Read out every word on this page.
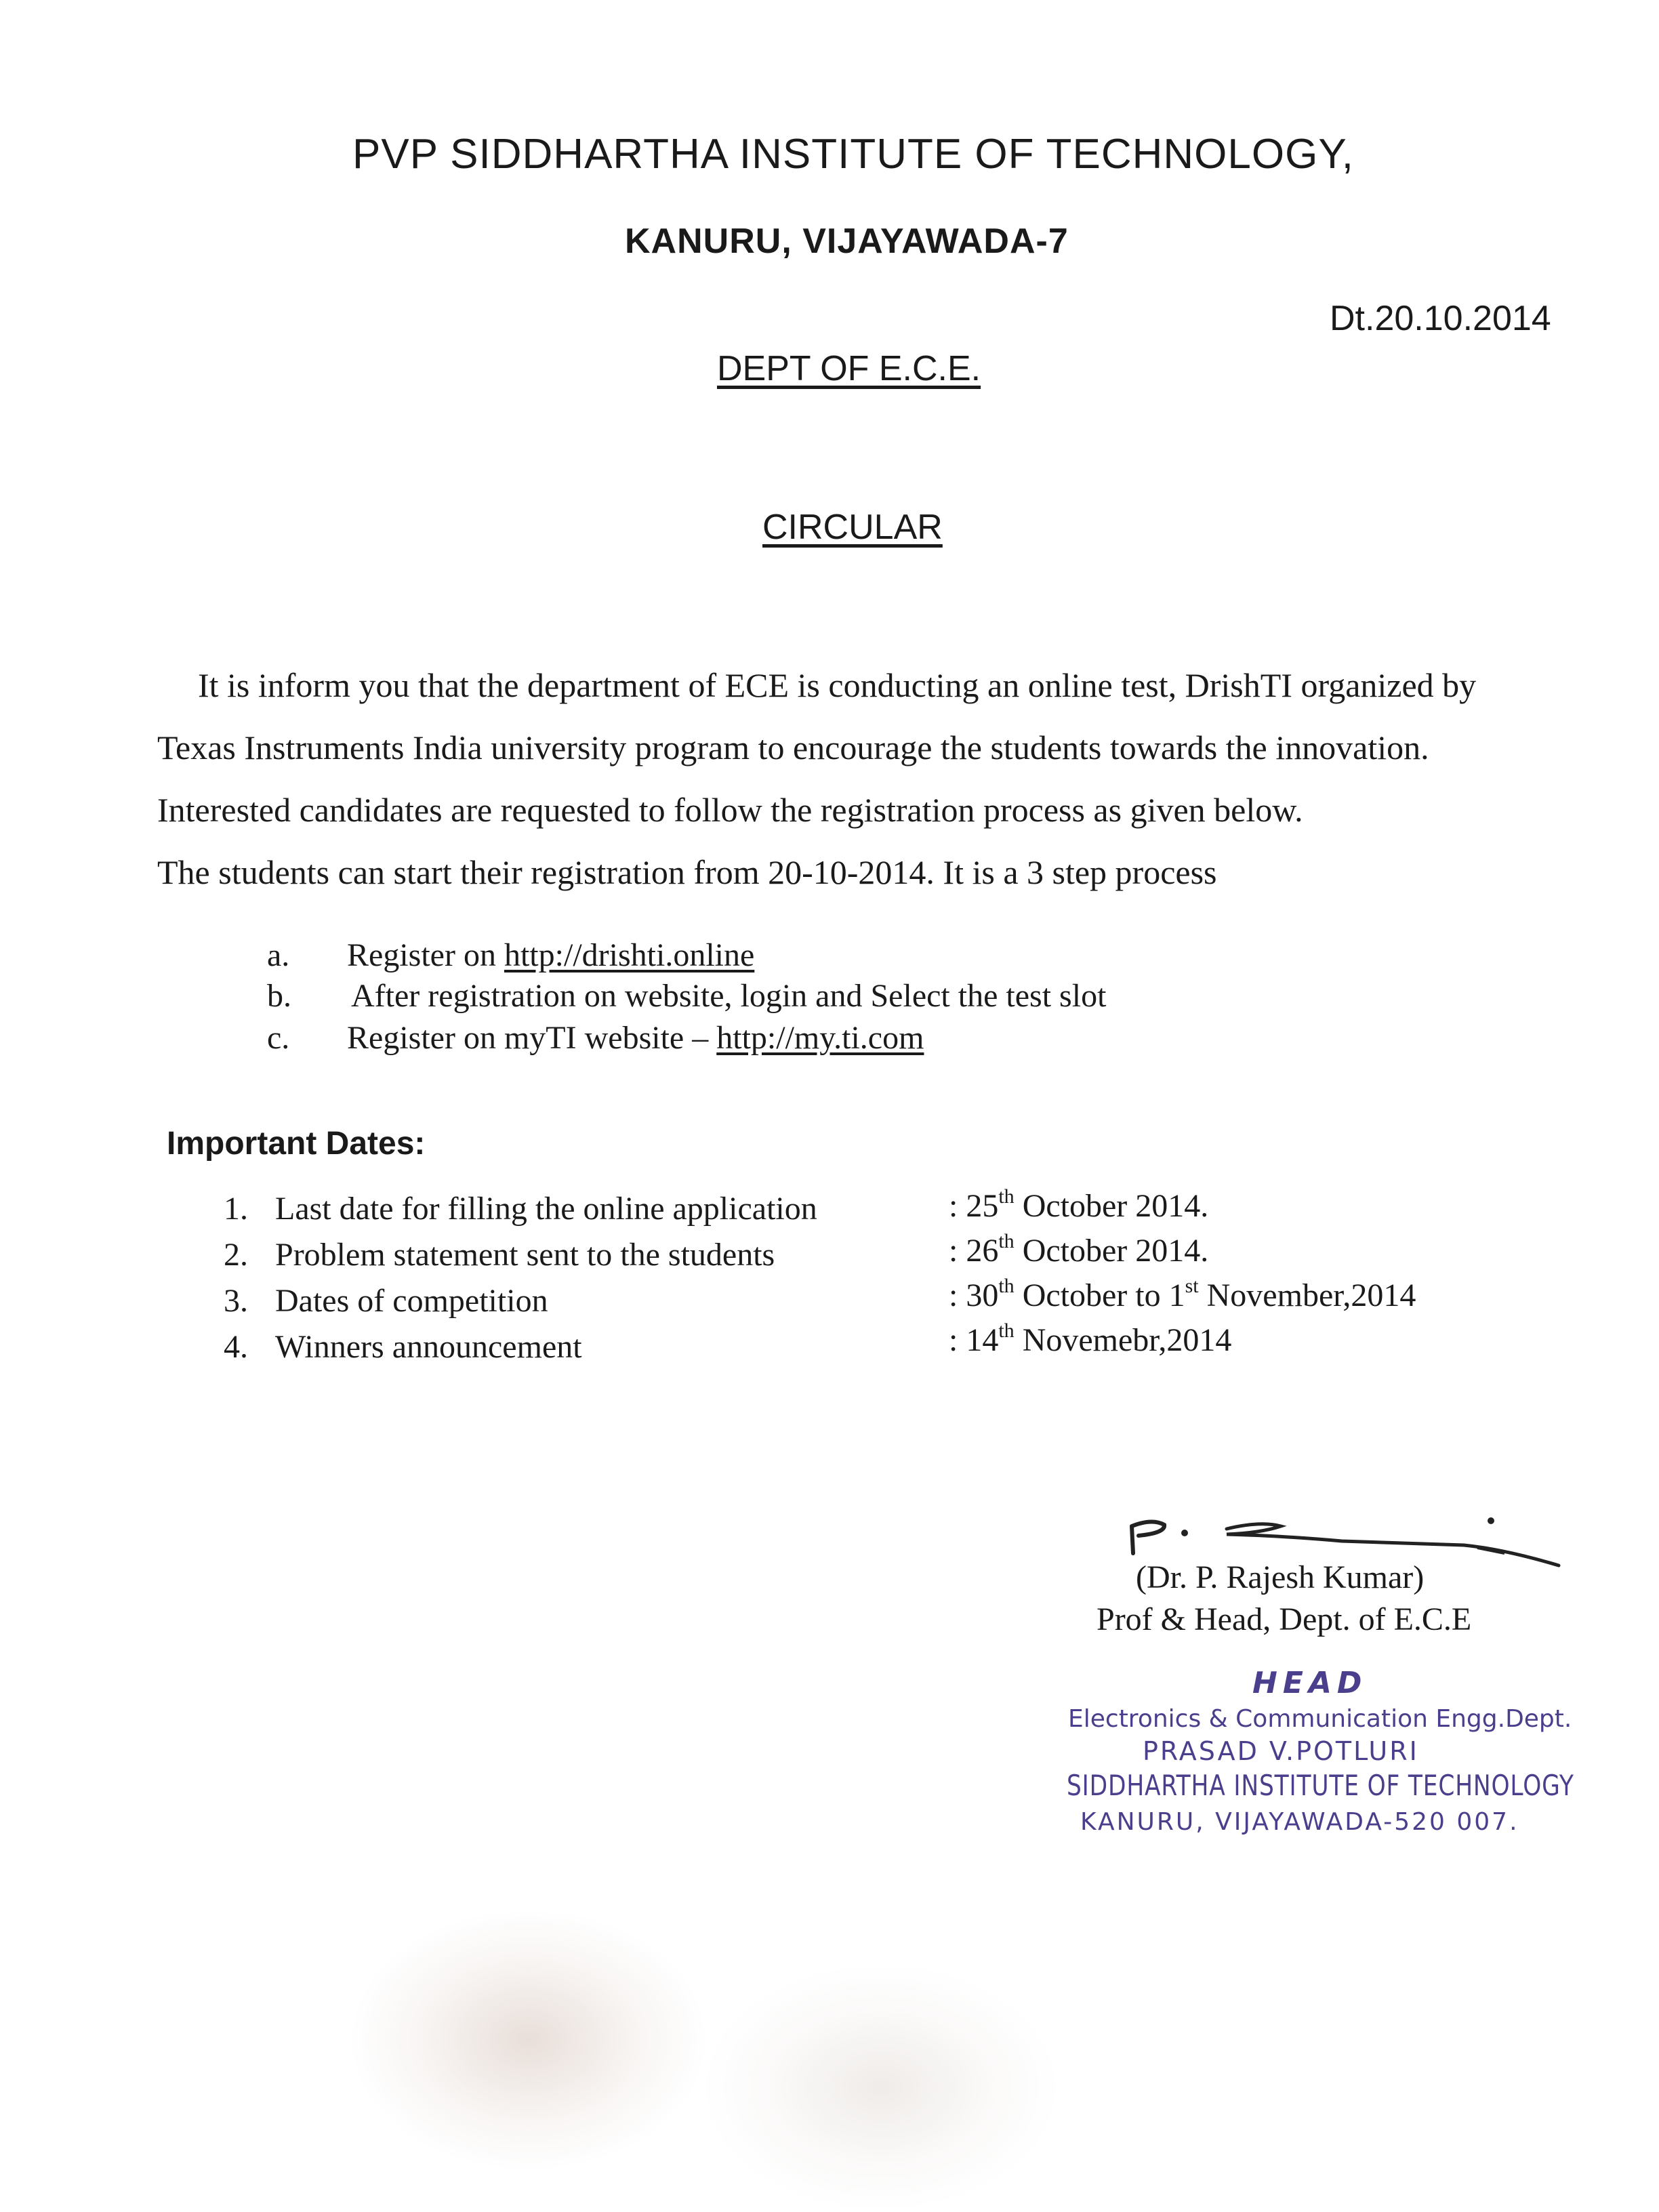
PVP SIDDHARTHA INSTITUTE OF TECHNOLOGY,
KANURU, VIJAYAWADA-7
Dt.20.10.2014
DEPT OF E.C.E.
CIRCULAR
It is inform you that the department of ECE is conducting an online test, DrishTI organized by
Texas Instruments India university program to encourage the students towards the innovation.
Interested candidates are requested to follow the registration process as given below.
The students can start their registration from 20-10-2014. It is a 3 step process
a. Register on http://drishti.online
b. After registration on website, login and Select the test slot
c. Register on myTI website – http://my.ti.com
Important Dates:
1. Last date for filling the online application	: 25th October 2014.
2. Problem statement sent to the students	: 26th October 2014.
3. Dates of competition	: 30th October to 1st November,2014
4. Winners announcement	: 14th Novemebr,2014
(Dr. P. Rajesh Kumar)
Prof & Head, Dept. of E.C.E
HEAD
Electronics & Communication Engg.Dept.
PRASAD V.POTLURI
SIDDHARTHA INSTITUTE OF TECHNOLOGY
KANURU, VIJAYAWADA-520 007.
